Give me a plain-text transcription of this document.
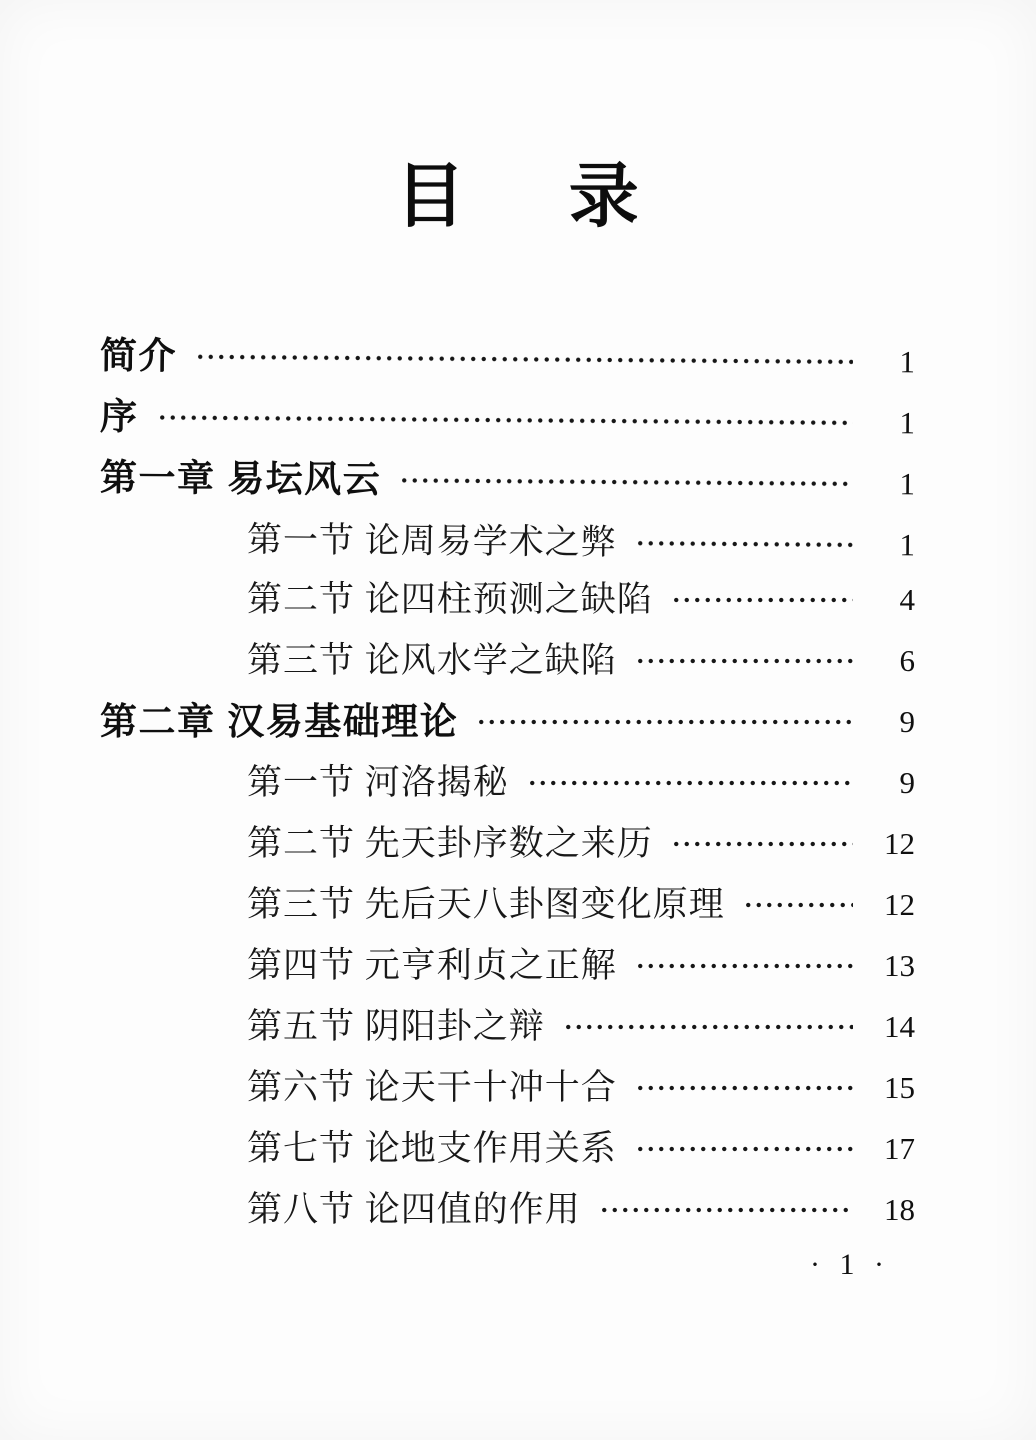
目 录
简介	1
序	1
第一章 易坛风云	1
第一节 论周易学术之弊	1
第二节 论四柱预测之缺陷	4
第三节 论风水学之缺陷	6
第二章 汉易基础理论	9
第一节 河洛揭秘	9
第二节 先天卦序数之来历	12
第三节 先后天八卦图变化原理	12
第四节 元亨利贞之正解	13
第五节 阴阳卦之辩	14
第六节 论天干十冲十合	15
第七节 论地支作用关系	17
第八节 论四值的作用	18
· 1 ·
